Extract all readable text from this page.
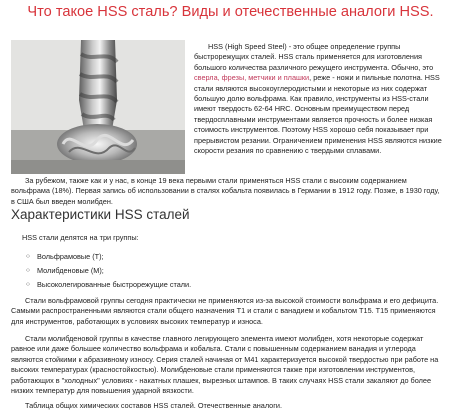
Что такое HSS сталь? Виды и отечественные аналоги HSS.
HSS (High Speed Steel) - это общее определение группы быстрорежущих сталей. HSS сталь применяется для изготовления большого количества различного режущего инструмента. Обычно, это сверла, фрезы, метчики и плашки, реже - ножи и пильные полотна. HSS стали являются высокоуглеродистыми и некоторые из них содержат большую долю вольфрама. Как правило, инструменты из HSS-стали имеют твердость 62-64 HRC. Основным преимуществом перед твердосплавными инструментами является прочность и более низкая стоимость инструментов. Поэтому HSS хорошо себя показывает при прерывистом резании. Ограничением применения HSS являются низкие скорости резания по сравнению с твердыми сплавами.
За рубежом, также как и у нас, в конце 19 века первыми стали применяться HSS стали с высоким содержанием вольфрама (18%). Первая запись об использовании в сталях кобальта появилась в Германии в 1912 году. Позже, в 1930 году, в США был введен молибден.
Характеристики HSS сталей
HSS стали делятся на три группы:
○ Вольфрамовые (Т);
○ Молибденовые (М);
○ Высоколегированные быстрорежущие стали.
Стали вольфрамовой группы сегодня практически не применяются из-за высокой стоимости вольфрама и его дефицита. Самыми распространенными являются стали общего назначения Т1 и стали с ванадием и кобальтом Т15. Т15 применяются для инструментов, работающих в условиях высоких температур и износа.
Стали молибденовой группы в качестве главного легирующего элемента имеют молибден, хотя некоторые содержат равное или даже большее количество вольфрама и кобальта. Стали с повышенным содержанием ванадия и углерода являются стойкими к абразивному износу. Серия сталей начиная от М41 характеризуется высокой твердостью при работе на высоких температурах (красностойкостью). Молибденовые стали применяются также при изготовлении инструментов, работающих в "холодных" условиях - накатных плашек, вырезных штампов. В таких случаях HSS стали закаляют до более низких температур для повышения ударной вязкости.
Таблица общих химических составов HSS сталей. Отечественные аналоги.
